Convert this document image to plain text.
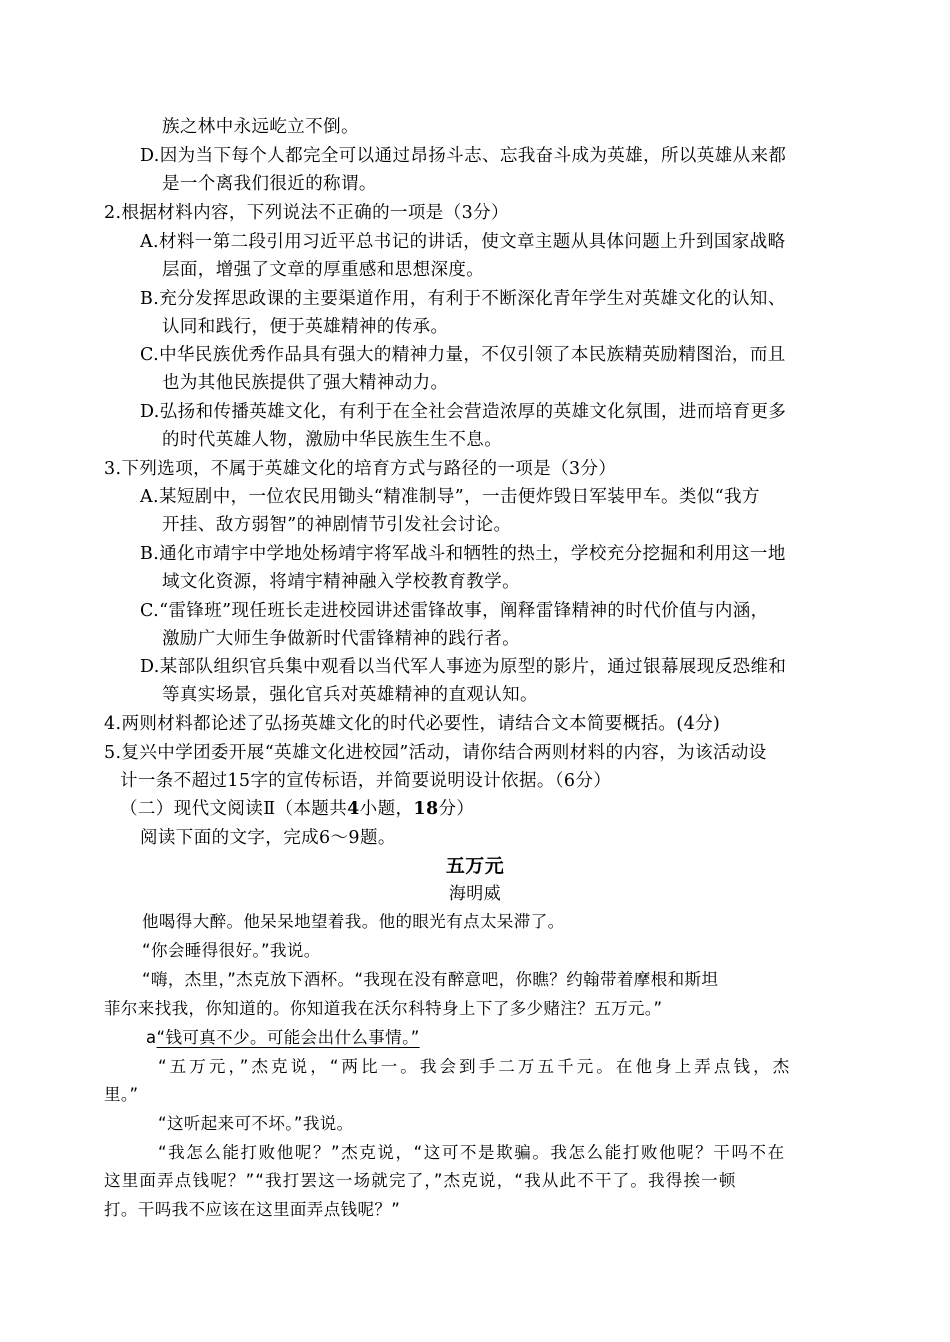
族之林中永远屹立不倒。
D.因为当下每个人都完全可以通过昂扬斗志、忘我奋斗成为英雄，所以英雄从来都
是一个离我们很近的称谓。
2.根据材料内容，下列说法不正确的一项是（3分）
A.材料一第二段引用习近平总书记的讲话，使文章主题从具体问题上升到国家战略
层面，增强了文章的厚重感和思想深度。
B.充分发挥思政课的主要渠道作用，有利于不断深化青年学生对英雄文化的认知、
认同和践行，便于英雄精神的传承。
C.中华民族优秀作品具有强大的精神力量，不仅引领了本民族精英励精图治，而且
也为其他民族提供了强大精神动力。
D.弘扬和传播英雄文化，有利于在全社会营造浓厚的英雄文化氛围，进而培育更多
的时代英雄人物，激励中华民族生生不息。
3.下列选项，不属于英雄文化的培育方式与路径的一项是（3分）
A.某短剧中，一位农民用锄头“精准制导”，一击便炸毁日军装甲车。类似“我方
开挂、敌方弱智”的神剧情节引发社会讨论。
B.通化市靖宇中学地处杨靖宇将军战斗和牺牲的热土，学校充分挖掘和利用这一地
域文化资源，将靖宇精神融入学校教育教学。
C.“雷锋班”现任班长走进校园讲述雷锋故事，阐释雷锋精神的时代价值与内涵，
激励广大师生争做新时代雷锋精神的践行者。
D.某部队组织官兵集中观看以当代军人事迹为原型的影片，通过银幕展现反恐维和
等真实场景，强化官兵对英雄精神的直观认知。
4.两则材料都论述了弘扬英雄文化的时代必要性，请结合文本简要概括。(4分)
5.复兴中学团委开展“英雄文化进校园”活动，请你结合两则材料的内容，为该活动设
计一条不超过15字的宣传标语，并简要说明设计依据。（6分）
（二）现代文阅读Ⅱ（本题共4小题，18分）
阅读下面的文字，完成6～9题。
五万元
海明威
他喝得大醉。他呆呆地望着我。他的眼光有点太呆滞了。
“你会睡得很好。”我说。
“嗨，杰里，”杰克放下酒杯。“我现在没有醉意吧，你瞧？约翰带着摩根和斯坦
菲尔来找我，你知道的。你知道我在沃尔科特身上下了多少赌注？五万元。”
a“钱可真不少。可能会出什么事情。”
“五万元，”杰克说，“两比一。我会到手二万五千元。在他身上弄点钱，杰
里。”
“这听起来可不坏。”我说。
“我怎么能打败他呢？”杰克说，“这可不是欺骗。我怎么能打败他呢？干吗不在
这里面弄点钱呢？”“我打罢这一场就完了，”杰克说，“我从此不干了。我得挨一顿
打。干吗我不应该在这里面弄点钱呢？”
